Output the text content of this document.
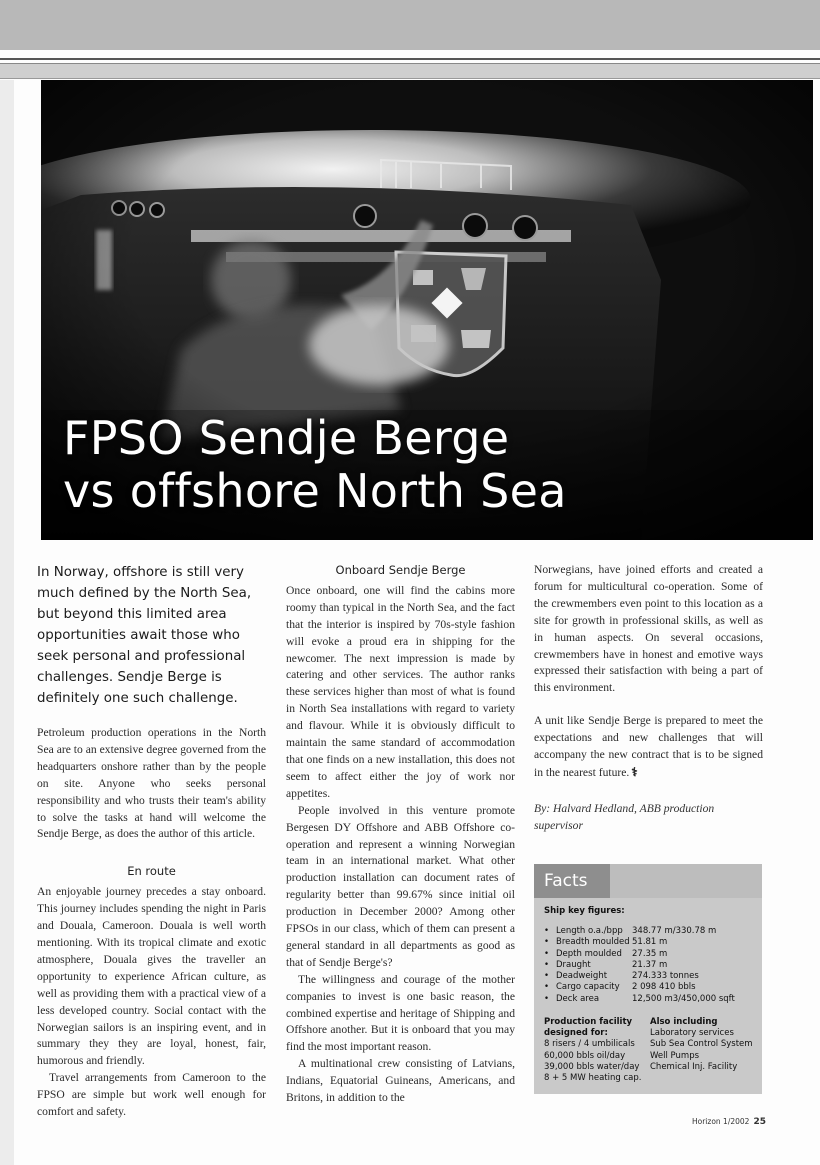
FPSO Sendje Berge
vs offshore North Sea
In Norway, offshore is still very much defined by the North Sea, but beyond this limited area opportunities await those who seek personal and professional challenges. Sendje Berge is definitely one such challenge.

Petroleum production operations in the North Sea are to an extensive degree governed from the headquarters onshore rather than by the people on site. Anyone who seeks personal responsibility and who trusts their team's ability to solve the tasks at hand will welcome the Sendje Berge, as does the author of this article.

En route

An enjoyable journey precedes a stay onboard. This journey includes spending the night in Paris and Douala, Cameroon. Douala is well worth mentioning. With its tropical climate and exotic atmosphere, Douala gives the traveller an opportunity to experience African culture, as well as providing them with a practical view of a less developed country. Social contact with the Norwegian sailors is an inspiring event, and in summary they they are loyal, honest, fair, humorous and friendly.

Travel arrangements from Cameroon to the FPSO are simple but work well enough for comfort and safety.

Onboard Sendje Berge

Once onboard, one will find the cabins more roomy than typical in the North Sea, and the fact that the interior is inspired by 70s-style fashion will evoke a proud era in shipping for the newcomer. The next impression is made by catering and other services. The author ranks these services higher than most of what is found in North Sea installations with regard to variety and flavour. While it is obviously difficult to maintain the same standard of accommodation that one finds on a new installation, this does not seem to affect either the joy of work nor appetites.

People involved in this venture promote Bergesen DY Offshore and ABB Offshore co-operation and represent a winning Norwegian team in an international market. What other production installation can document rates of regularity better than 99.67% since initial oil production in December 2000? Among other FPSOs in our class, which of them can present a general standard in all departments as good as that of Sendje Berge's?

The willingness and courage of the mother companies to invest is one basic reason, the combined expertise and heritage of Shipping and Offshore another. But it is onboard that you may find the most important reason.

A multinational crew consisting of Latvians, Indians, Equatorial Guineans, Americans, and Britons, in addition to the

Norwegians, have joined efforts and created a forum for multicultural co-operation. Some of the crewmembers even point to this location as a site for growth in professional skills, as well as in human aspects. On several occasions, crewmembers have in honest and emotive ways expressed their satisfaction with being a part of this environment.

A unit like Sendje Berge is prepared to meet the expectations and new challenges that will accompany the new contract that is to be signed in the nearest future. ⚕

By: Halvard Hedland, ABB production supervisor
Facts
Ship key figures:
• Length o.a./bpp	348.77 m/330.78 m
• Breadth moulded 51.81 m
• Depth moulded	27.35 m
• Draught	21.37 m
• Deadweight	274.333 tonnes
• Cargo capacity	2 098 410 bbls
• Deck area	12,500 m3/450,000 sqft
Production facility
designed for:
8 risers / 4 umbilicals
60,000 bbls oil/day
39,000 bbls water/day
8 + 5 MW heating cap.
Also including
Laboratory services
Sub Sea Control System
Well Pumps
Chemical Inj. Facility
Horizon 1/2002 25
